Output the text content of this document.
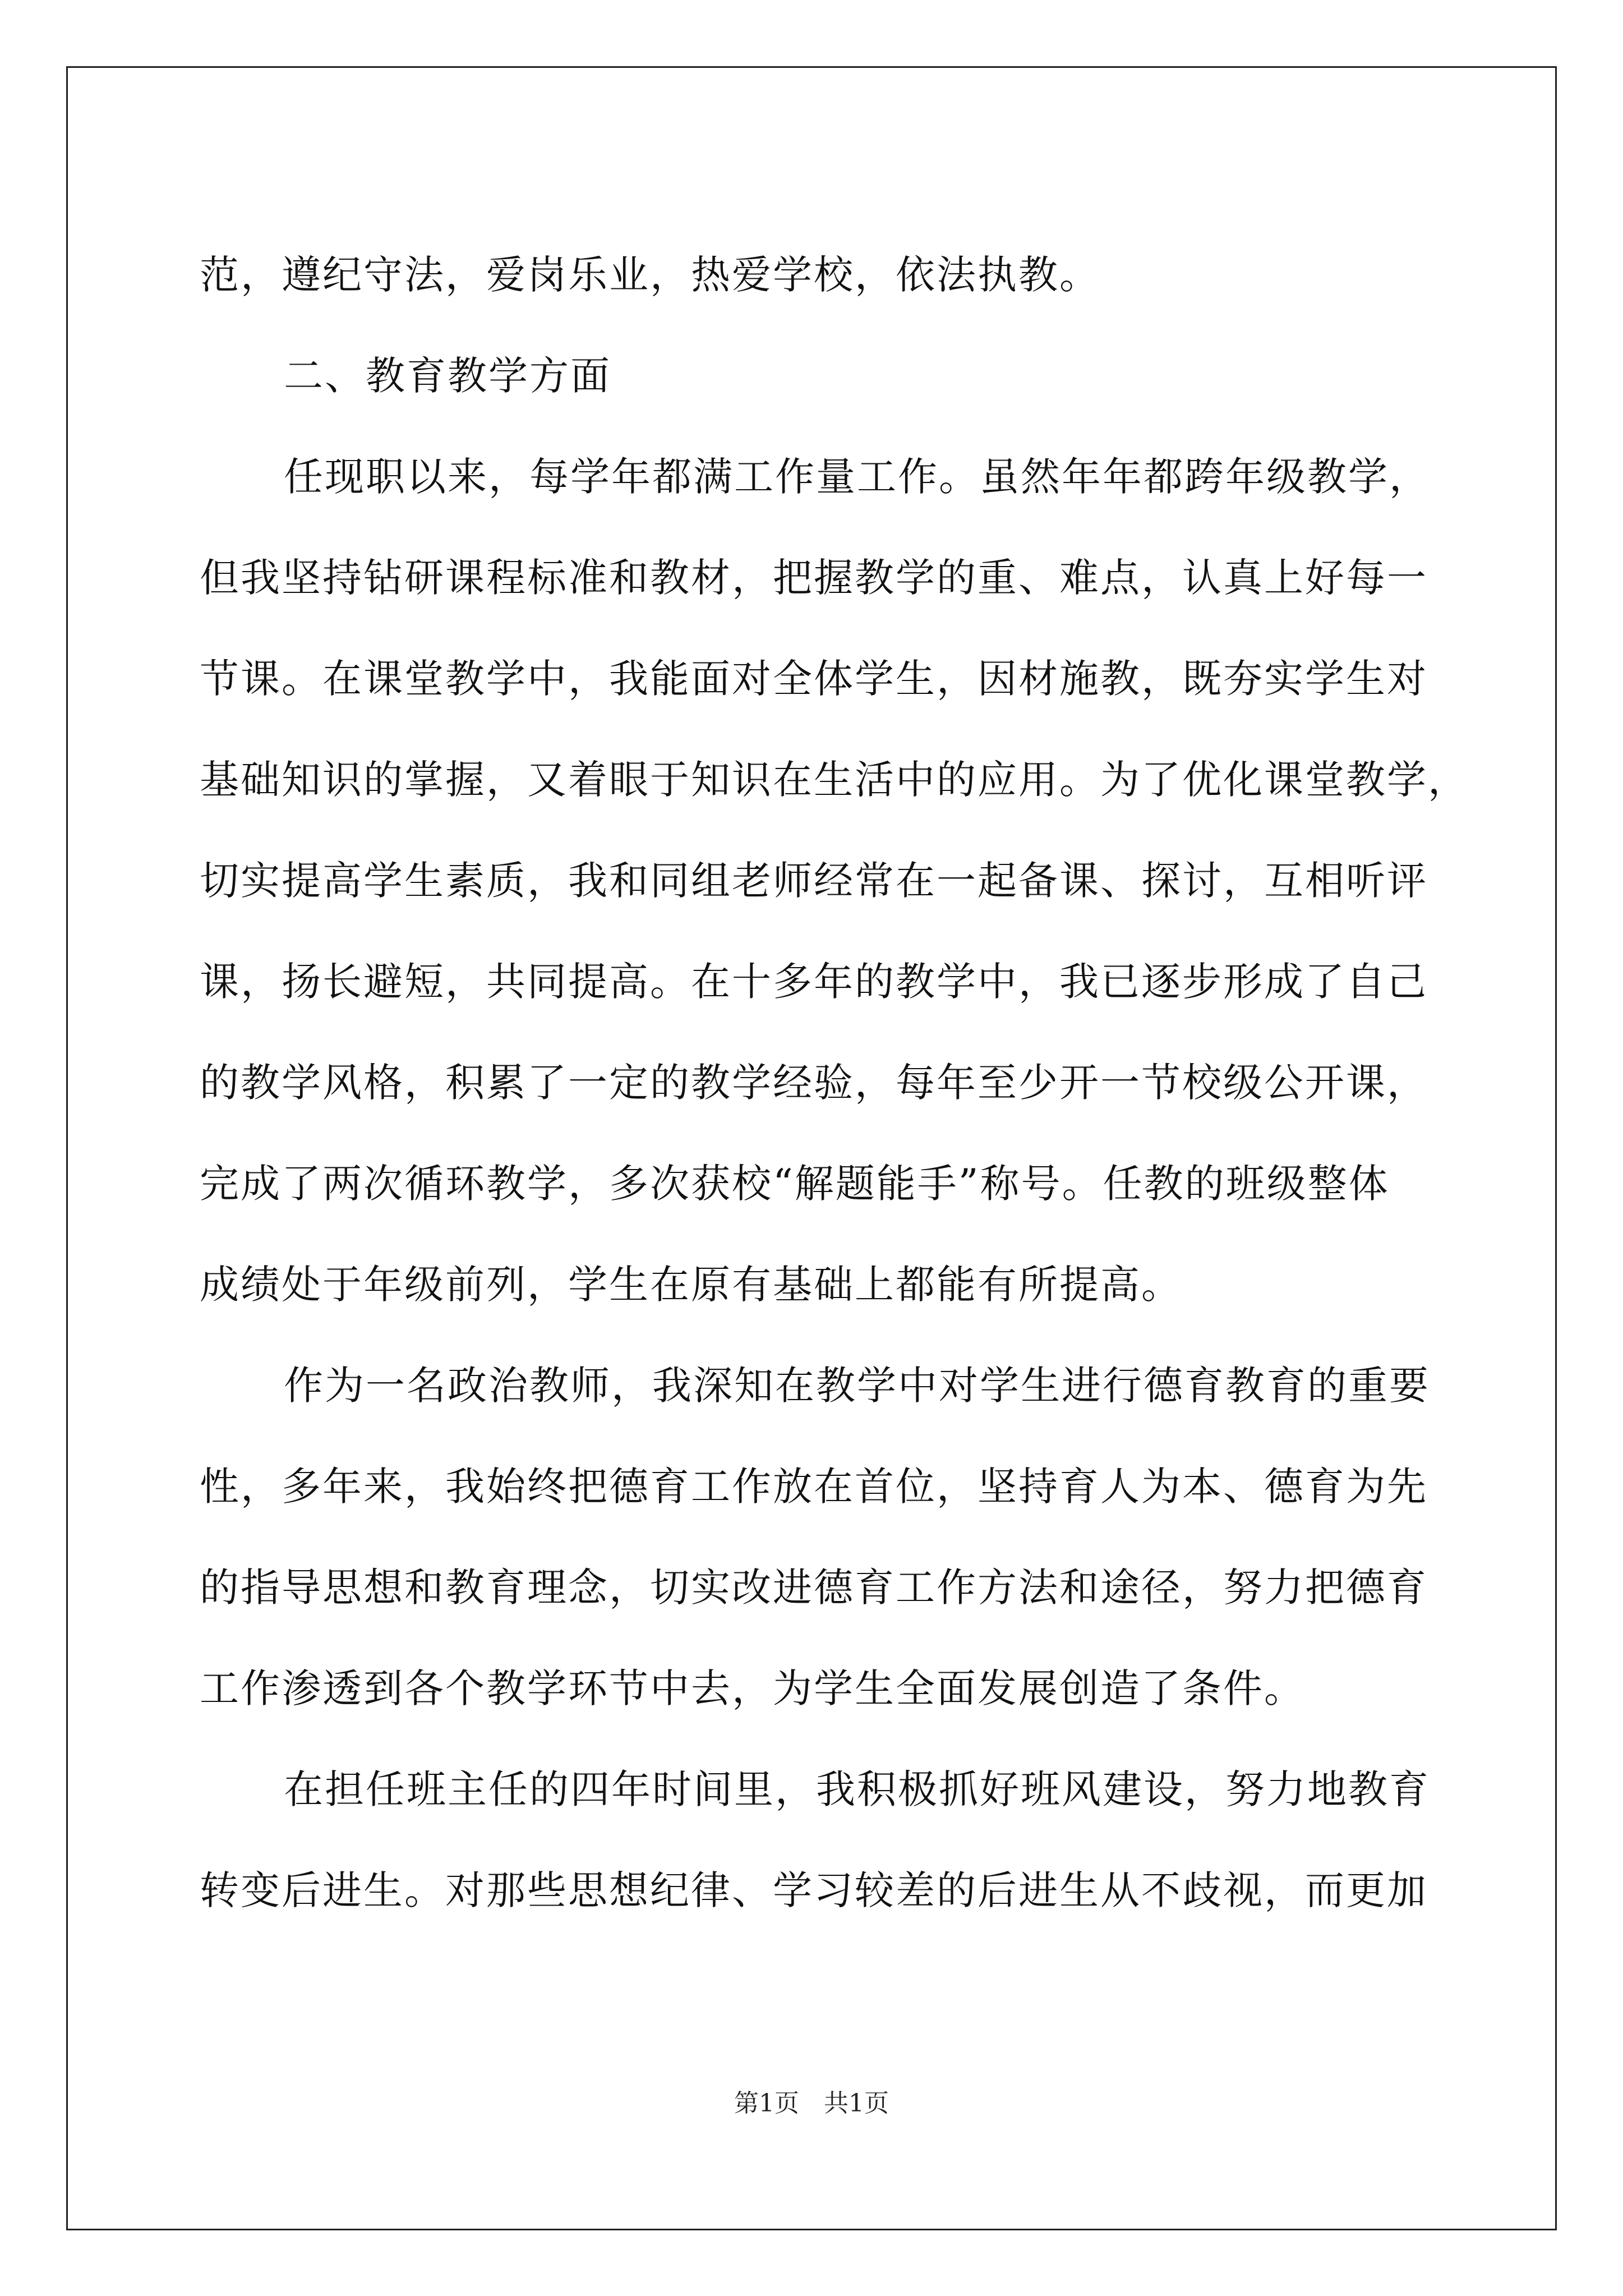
范，遵纪守法，爱岗乐业，热爱学校，依法执教。
二、教育教学方面
任现职以来，每学年都满工作量工作。虽然年年都跨年级教学，
但我坚持钻研课程标准和教材，把握教学的重、难点，认真上好每一
节课。在课堂教学中，我能面对全体学生，因材施教，既夯实学生对
基础知识的掌握，又着眼于知识在生活中的应用。为了优化课堂教学，
切实提高学生素质，我和同组老师经常在一起备课、探讨，互相听评
课，扬长避短，共同提高。在十多年的教学中，我已逐步形成了自己
的教学风格，积累了一定的教学经验，每年至少开一节校级公开课，
完成了两次循环教学，多次获校“解题能手”称号。任教的班级整体
成绩处于年级前列，学生在原有基础上都能有所提高。
作为一名政治教师，我深知在教学中对学生进行德育教育的重要
性，多年来，我始终把德育工作放在首位，坚持育人为本、德育为先
的指导思想和教育理念，切实改进德育工作方法和途径，努力把德育
工作渗透到各个教学环节中去，为学生全面发展创造了条件。
在担任班主任的四年时间里，我积极抓好班风建设，努力地教育
转变后进生。对那些思想纪律、学习较差的后进生从不歧视，而更加
第1页　共1页
